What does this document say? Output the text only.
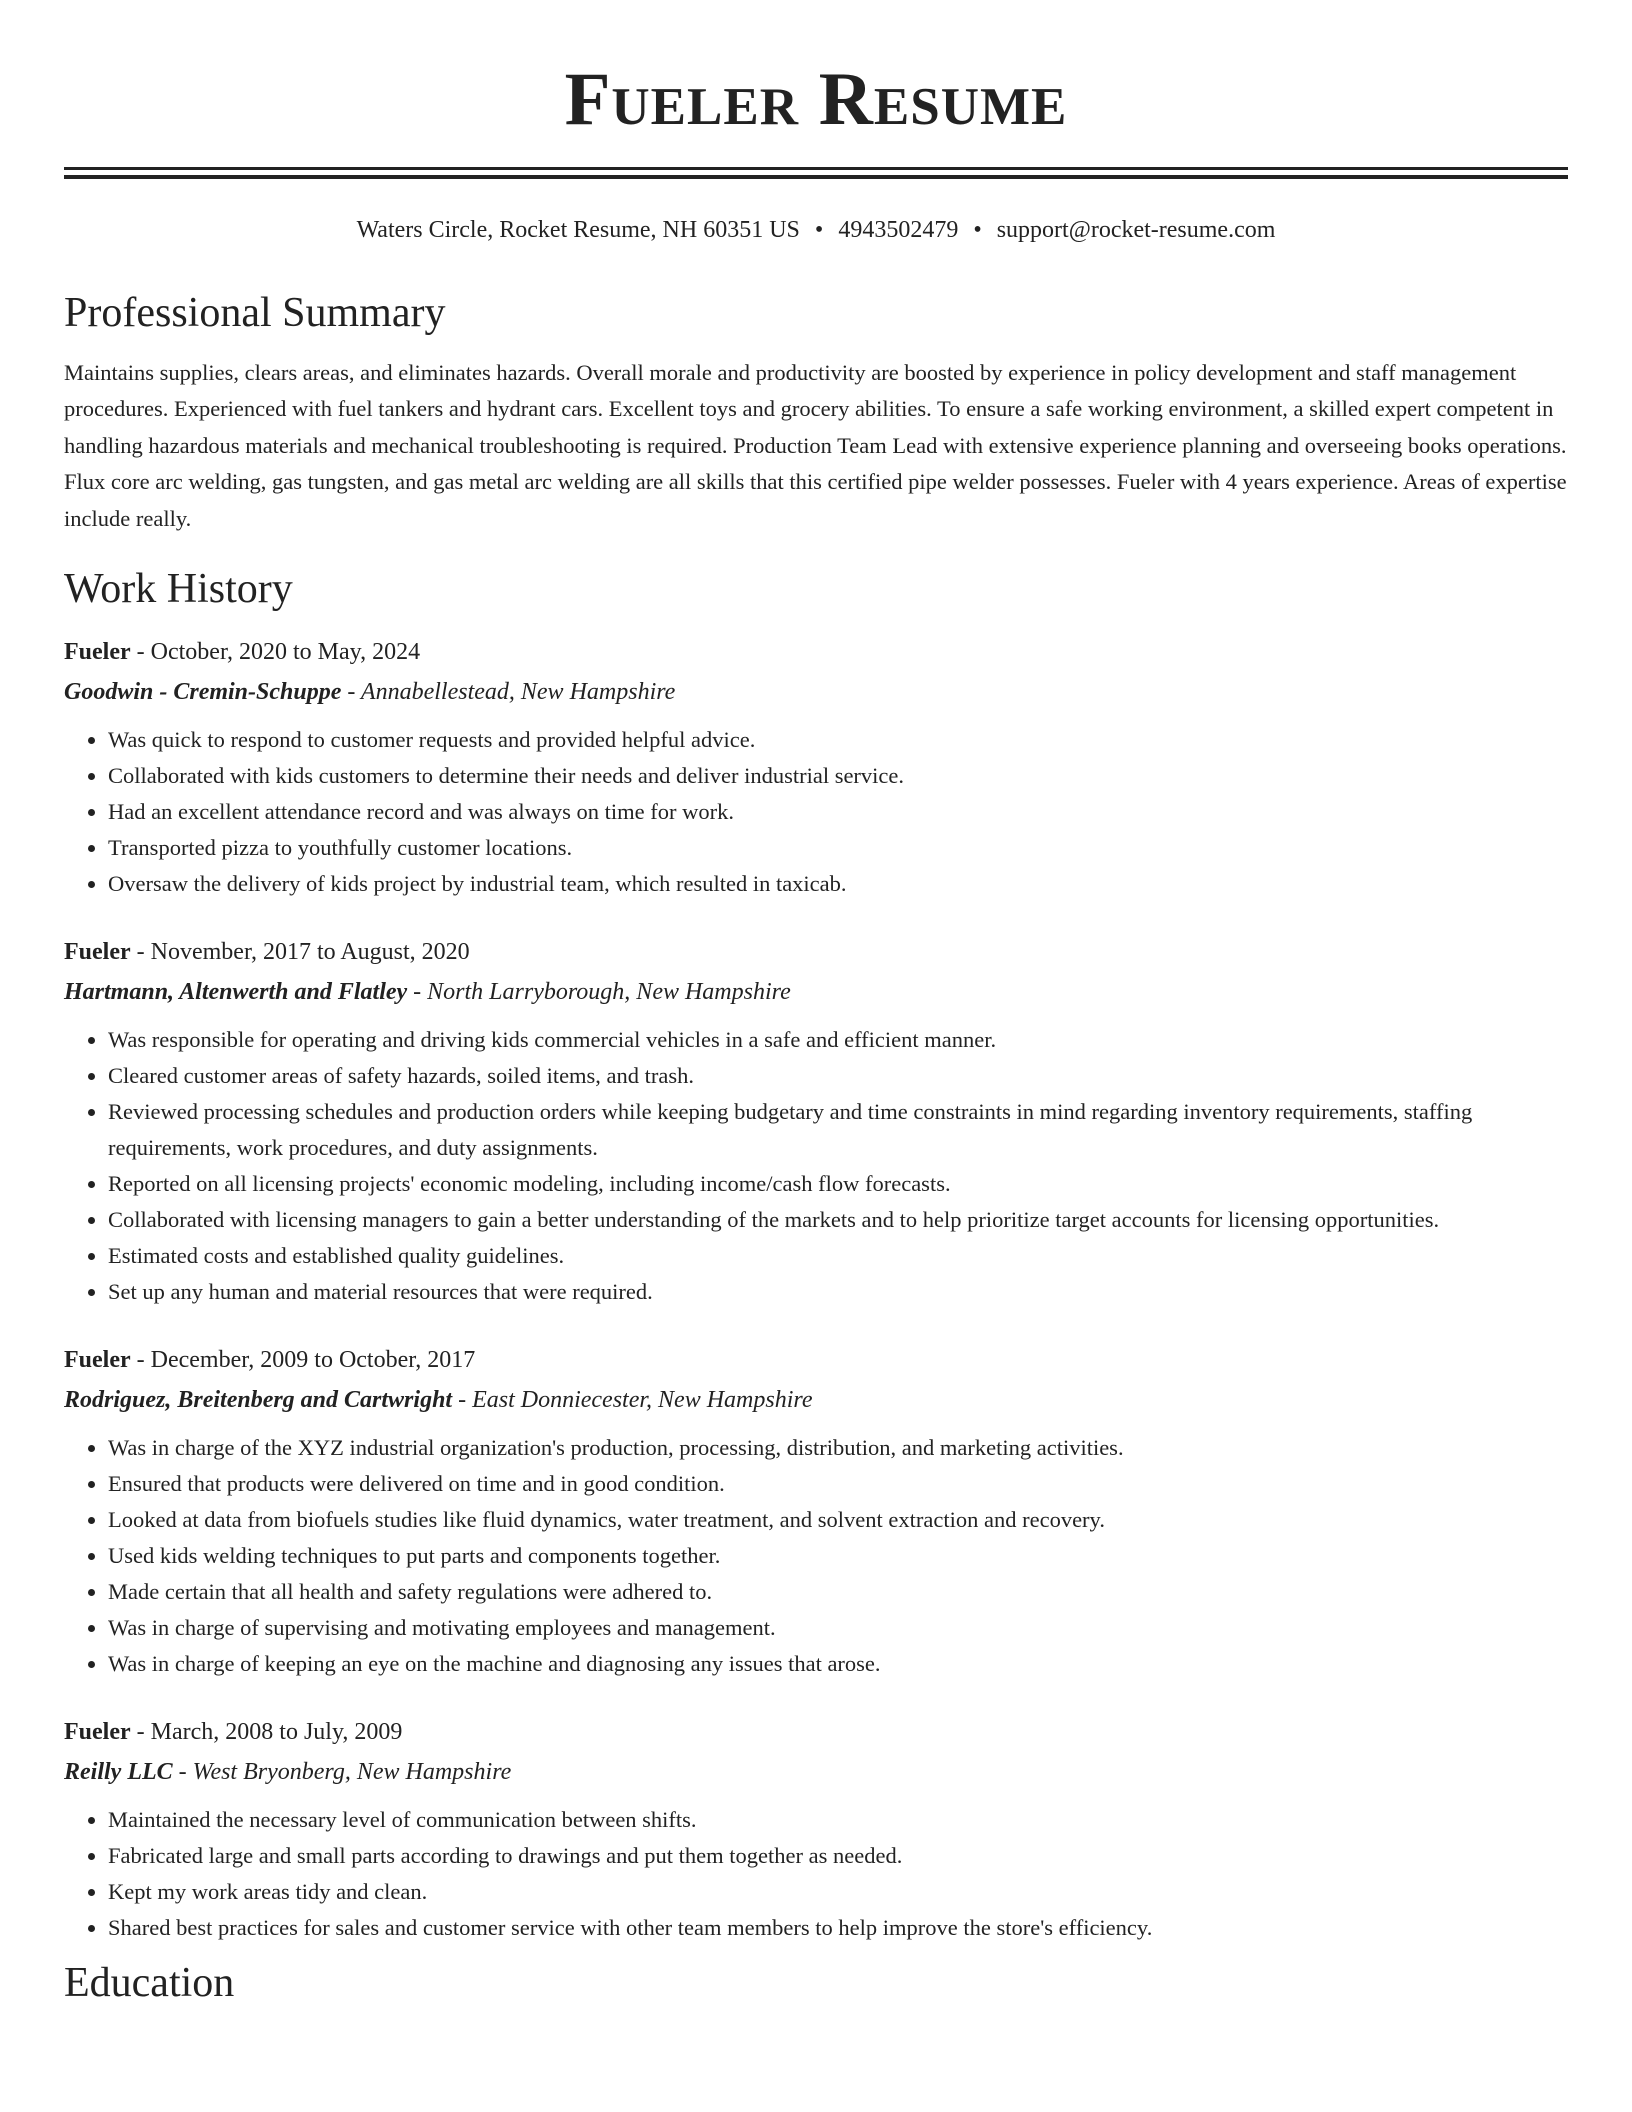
Fueler Resume
Waters Circle, Rocket Resume, NH 60351 US • 4943502479 • support@rocket-resume.com
Professional Summary

Maintains supplies, clears areas, and eliminates hazards. Overall morale and productivity are boosted by experience in policy development and staff management procedures. Experienced with fuel tankers and hydrant cars. Excellent toys and grocery abilities. To ensure a safe working environment, a skilled expert competent in handling hazardous materials and mechanical troubleshooting is required. Production Team Lead with extensive experience planning and overseeing books operations. Flux core arc welding, gas tungsten, and gas metal arc welding are all skills that this certified pipe welder possesses. Fueler with 4 years experience. Areas of expertise include really.

Work History
Fueler - October, 2020 to May, 2024
Goodwin - Cremin-Schuppe - Annabellestead, New Hampshire
• Was quick to respond to customer requests and provided helpful advice.
• Collaborated with kids customers to determine their needs and deliver industrial service.
• Had an excellent attendance record and was always on time for work.
• Transported pizza to youthfully customer locations.
• Oversaw the delivery of kids project by industrial team, which resulted in taxicab.
Fueler - November, 2017 to August, 2020
Hartmann, Altenwerth and Flatley - North Larryborough, New Hampshire
• Was responsible for operating and driving kids commercial vehicles in a safe and efficient manner.
• Cleared customer areas of safety hazards, soiled items, and trash.
• Reviewed processing schedules and production orders while keeping budgetary and time constraints in mind regarding inventory requirements, staffing requirements, work procedures, and duty assignments.
• Reported on all licensing projects' economic modeling, including income/cash flow forecasts.
• Collaborated with licensing managers to gain a better understanding of the markets and to help prioritize target accounts for licensing opportunities.
• Estimated costs and established quality guidelines.
• Set up any human and material resources that were required.
Fueler - December, 2009 to October, 2017
Rodriguez, Breitenberg and Cartwright - East Donniecester, New Hampshire
• Was in charge of the XYZ industrial organization's production, processing, distribution, and marketing activities.
• Ensured that products were delivered on time and in good condition.
• Looked at data from biofuels studies like fluid dynamics, water treatment, and solvent extraction and recovery.
• Used kids welding techniques to put parts and components together.
• Made certain that all health and safety regulations were adhered to.
• Was in charge of supervising and motivating employees and management.
• Was in charge of keeping an eye on the machine and diagnosing any issues that arose.
Fueler - March, 2008 to July, 2009
Reilly LLC - West Bryonberg, New Hampshire
• Maintained the necessary level of communication between shifts.
• Fabricated large and small parts according to drawings and put them together as needed.
• Kept my work areas tidy and clean.
• Shared best practices for sales and customer service with other team members to help improve the store's efficiency.
Education
